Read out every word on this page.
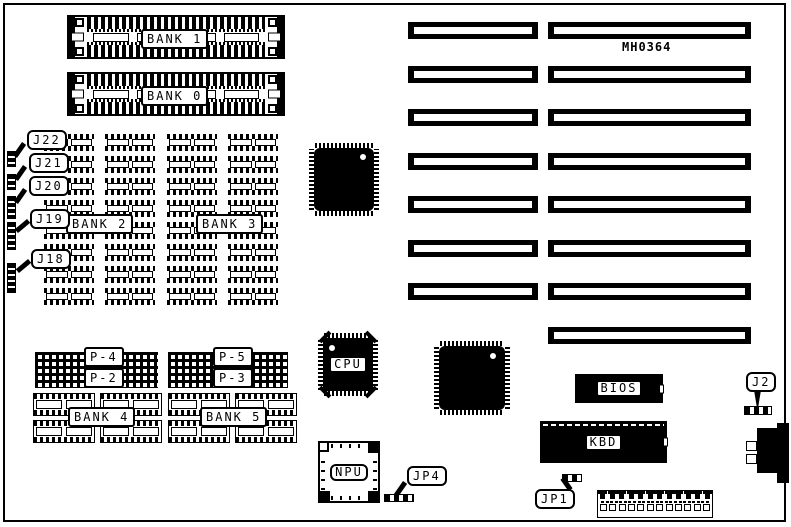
BANK 1
BANK 0
MH0364
BANK 2	BANK 3
J22
J21
J20
J19
J18
P-4
P-2
P-5
P-3
BANK 4	BANK 5
CPU
NPU
BIOS
KBD
JP4
JP1
J2
